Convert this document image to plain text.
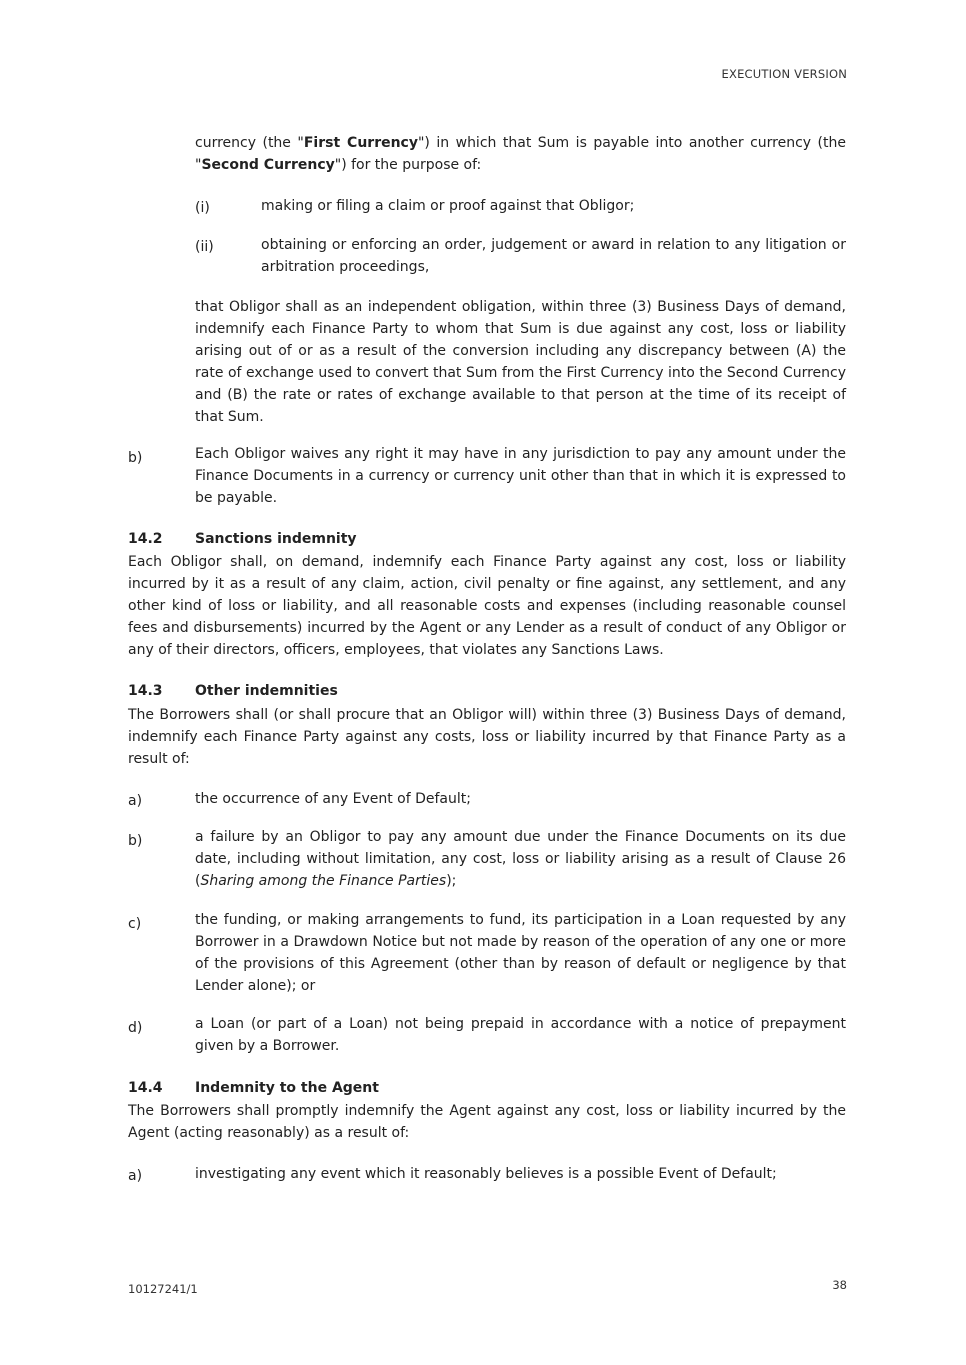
EXECUTION VERSION

currency (the "First Currency") in which that Sum is payable into another currency (the "Second Currency") for the purpose of:

(i)	making or filing a claim or proof against that Obligor;

(ii)	obtaining or enforcing an order, judgement or award in relation to any litigation or arbitration proceedings,

that Obligor shall as an independent obligation, within three (3) Business Days of demand, indemnify each Finance Party to whom that Sum is due against any cost, loss or liability arising out of or as a result of the conversion including any discrepancy between (A) the rate of exchange used to convert that Sum from the First Currency into the Second Currency and (B) the rate or rates of exchange available to that person at the time of its receipt of that Sum.

b)	Each Obligor waives any right it may have in any jurisdiction to pay any amount under the Finance Documents in a currency or currency unit other than that in which it is expressed to be payable.

14.2 Sanctions indemnity

Each Obligor shall, on demand, indemnify each Finance Party against any cost, loss or liability incurred by it as a result of any claim, action, civil penalty or fine against, any settlement, and any other kind of loss or liability, and all reasonable costs and expenses (including reasonable counsel fees and disbursements) incurred by the Agent or any Lender as a result of conduct of any Obligor or any of their directors, officers, employees, that violates any Sanctions Laws.

14.3 Other indemnities

The Borrowers shall (or shall procure that an Obligor will) within three (3) Business Days of demand, indemnify each Finance Party against any costs, loss or liability incurred by that Finance Party as a result of:

a)	the occurrence of any Event of Default;

b)	a failure by an Obligor to pay any amount due under the Finance Documents on its due date, including without limitation, any cost, loss or liability arising as a result of Clause 26 (Sharing among the Finance Parties);

c)	the funding, or making arrangements to fund, its participation in a Loan requested by any Borrower in a Drawdown Notice but not made by reason of the operation of any one or more of the provisions of this Agreement (other than by reason of default or negligence by that Lender alone); or

d)	a Loan (or part of a Loan) not being prepaid in accordance with a notice of prepayment given by a Borrower.

14.4 Indemnity to the Agent

The Borrowers shall promptly indemnify the Agent against any cost, loss or liability incurred by the Agent (acting reasonably) as a result of:

a)	investigating any event which it reasonably believes is a possible Event of Default;

10127241/1	38
